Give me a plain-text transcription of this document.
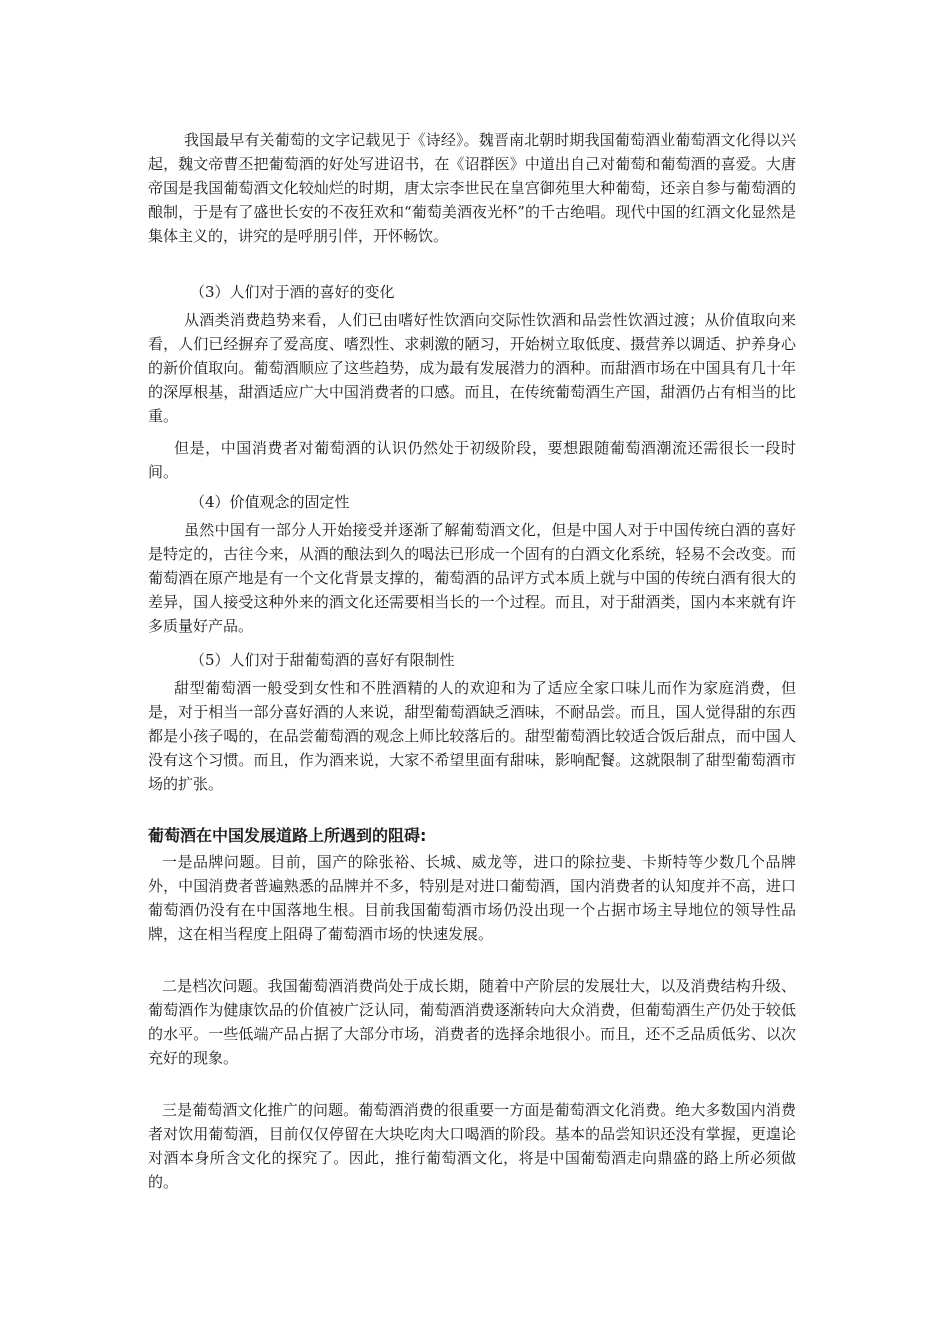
我国最早有关葡萄的文字记载见于《诗经》。魏晋南北朝时期我国葡萄酒业葡萄酒文化得以兴起，魏文帝曹丕把葡萄酒的好处写进诏书，在《诏群医》中道出自己对葡萄和葡萄酒的喜爱。大唐帝国是我国葡萄酒文化较灿烂的时期，唐太宗李世民在皇宫御苑里大种葡萄，还亲自参与葡萄酒的酿制，于是有了盛世长安的不夜狂欢和“葡萄美酒夜光杯”的千古绝唱。现代中国的红酒文化显然是集体主义的，讲究的是呼朋引伴，开怀畅饮。

（3）人们对于酒的喜好的变化

从酒类消费趋势来看，人们已由嗜好性饮酒向交际性饮酒和品尝性饮酒过渡；从价值取向来看，人们已经摒弃了爱高度、嗜烈性、求刺激的陋习，开始树立取低度、摄营养以调适、护养身心的新价值取向。葡萄酒顺应了这些趋势，成为最有发展潜力的酒种。而甜酒市场在中国具有几十年的深厚根基，甜酒适应广大中国消费者的口感。而且，在传统葡萄酒生产国，甜酒仍占有相当的比重。

但是，中国消费者对葡萄酒的认识仍然处于初级阶段，要想跟随葡萄酒潮流还需很长一段时间。

（4）价值观念的固定性

虽然中国有一部分人开始接受并逐渐了解葡萄酒文化，但是中国人对于中国传统白酒的喜好是特定的，古往今来，从酒的酿法到久的喝法已形成一个固有的白酒文化系统，轻易不会改变。而葡萄酒在原产地是有一个文化背景支撑的，葡萄酒的品评方式本质上就与中国的传统白酒有很大的差异，国人接受这种外来的酒文化还需要相当长的一个过程。而且，对于甜酒类，国内本来就有许多质量好产品。

（5）人们对于甜葡萄酒的喜好有限制性

甜型葡萄酒一般受到女性和不胜酒精的人的欢迎和为了适应全家口味儿而作为家庭消费，但是，对于相当一部分喜好酒的人来说，甜型葡萄酒缺乏酒味，不耐品尝。而且，国人觉得甜的东西都是小孩子喝的，在品尝葡萄酒的观念上师比较落后的。甜型葡萄酒比较适合饭后甜点，而中国人没有这个习惯。而且，作为酒来说，大家不希望里面有甜味，影响配餐。这就限制了甜型葡萄酒市场的扩张。

葡萄酒在中国发展道路上所遇到的阻碍:

一是品牌问题。目前，国产的除张裕、长城、威龙等，进口的除拉斐、卡斯特等少数几个品牌外，中国消费者普遍熟悉的品牌并不多，特别是对进口葡萄酒，国内消费者的认知度并不高，进口葡萄酒仍没有在中国落地生根。目前我国葡萄酒市场仍没出现一个占据市场主导地位的领导性品牌，这在相当程度上阻碍了葡萄酒市场的快速发展。

二是档次问题。我国葡萄酒消费尚处于成长期，随着中产阶层的发展壮大，以及消费结构升级、葡萄酒作为健康饮品的价值被广泛认同，葡萄酒消费逐渐转向大众消费，但葡萄酒生产仍处于较低的水平。一些低端产品占据了大部分市场，消费者的选择余地很小。而且，还不乏品质低劣、以次充好的现象。

三是葡萄酒文化推广的问题。葡萄酒消费的很重要一方面是葡萄酒文化消费。绝大多数国内消费者对饮用葡萄酒，目前仅仅停留在大块吃肉大口喝酒的阶段。基本的品尝知识还没有掌握，更遑论对酒本身所含文化的探究了。因此，推行葡萄酒文化，将是中国葡萄酒走向鼎盛的路上所必须做的。
